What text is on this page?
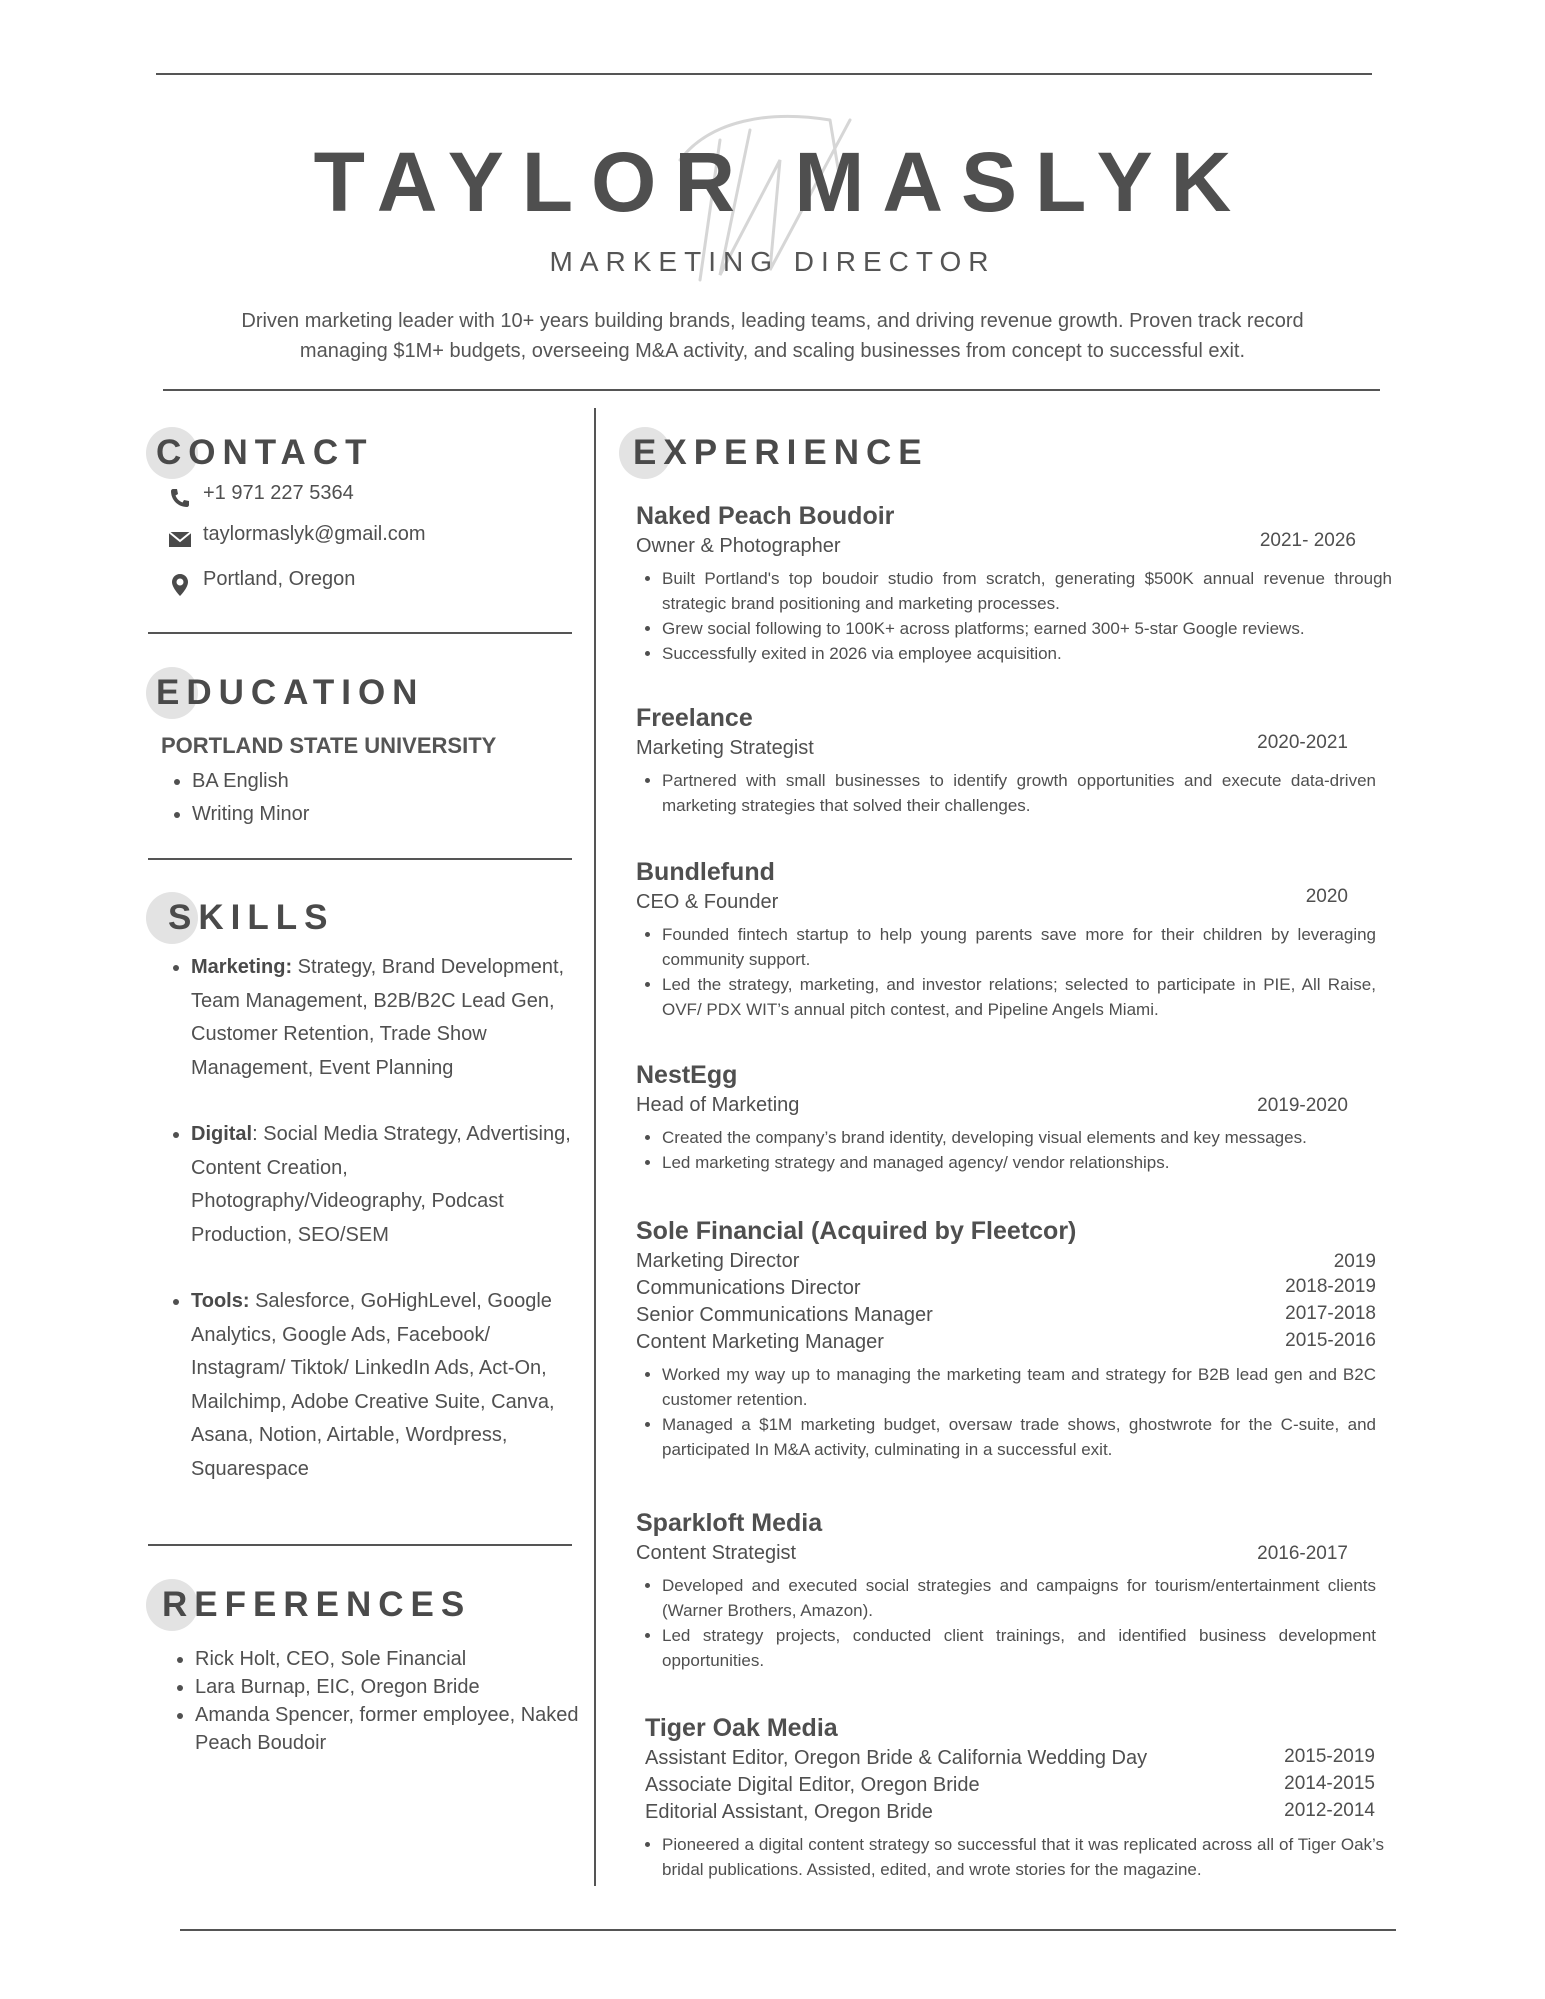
TAYLOR MASLYK
MARKETING DIRECTOR
Driven marketing leader with 10+ years building brands, leading teams, and driving revenue growth. Proven track record managing $1M+ budgets, overseeing M&A activity, and scaling businesses from concept to successful exit.
CONTACT
+1 971 227 5364
taylormaslyk@gmail.com
Portland, Oregon
EDUCATION
PORTLAND STATE UNIVERSITY
• BA English
• Writing Minor
SKILLS
• Marketing: Strategy, Brand Development, Team Management, B2B/B2C Lead Gen, Customer Retention, Trade Show Management, Event Planning
• Digital: Social Media Strategy, Advertising, Content Creation, Photography/Videography, Podcast Production, SEO/SEM
• Tools: Salesforce, GoHighLevel, Google Analytics, Google Ads, Facebook/ Instagram/ Tiktok/ LinkedIn Ads, Act-On, Mailchimp, Adobe Creative Suite, Canva, Asana, Notion, Airtable, Wordpress, Squarespace
REFERENCES
• Rick Holt, CEO, Sole Financial
• Lara Burnap, EIC, Oregon Bride
• Amanda Spencer, former employee, Naked Peach Boudoir
EXPERIENCE
Naked Peach Boudoir
Owner & Photographer	2021- 2026
• Built Portland's top boudoir studio from scratch, generating $500K annual revenue through strategic brand positioning and marketing processes.
• Grew social following to 100K+ across platforms; earned 300+ 5-star Google reviews.
• Successfully exited in 2026 via employee acquisition.
Freelance
Marketing Strategist	2020-2021
• Partnered with small businesses to identify growth opportunities and execute data-driven marketing strategies that solved their challenges.
Bundlefund
CEO & Founder	2020
• Founded fintech startup to help young parents save more for their children by leveraging community support.
• Led the strategy, marketing, and investor relations; selected to participate in PIE, All Raise, OVF/ PDX WIT’s annual pitch contest, and Pipeline Angels Miami.
NestEgg
Head of Marketing	2019-2020
• Created the company’s brand identity, developing visual elements and key messages.
• Led marketing strategy and managed agency/ vendor relationships.
Sole Financial (Acquired by Fleetcor)
Marketing Director	2019
Communications Director	2018-2019
Senior Communications Manager	2017-2018
Content Marketing Manager	2015-2016
• Worked my way up to managing the marketing team and strategy for B2B lead gen and B2C customer retention.
• Managed a $1M marketing budget, oversaw trade shows, ghostwrote for the C-suite, and participated In M&A activity, culminating in a successful exit.
Sparkloft Media
Content Strategist	2016-2017
• Developed and executed social strategies and campaigns for tourism/entertainment clients (Warner Brothers, Amazon).
• Led strategy projects, conducted client trainings, and identified business development opportunities.
Tiger Oak Media
Assistant Editor, Oregon Bride & California Wedding Day	2015-2019
Associate Digital Editor, Oregon Bride	2014-2015
Editorial Assistant, Oregon Bride	2012-2014
• Pioneered a digital content strategy so successful that it was replicated across all of Tiger Oak’s bridal publications. Assisted, edited, and wrote stories for the magazine.
